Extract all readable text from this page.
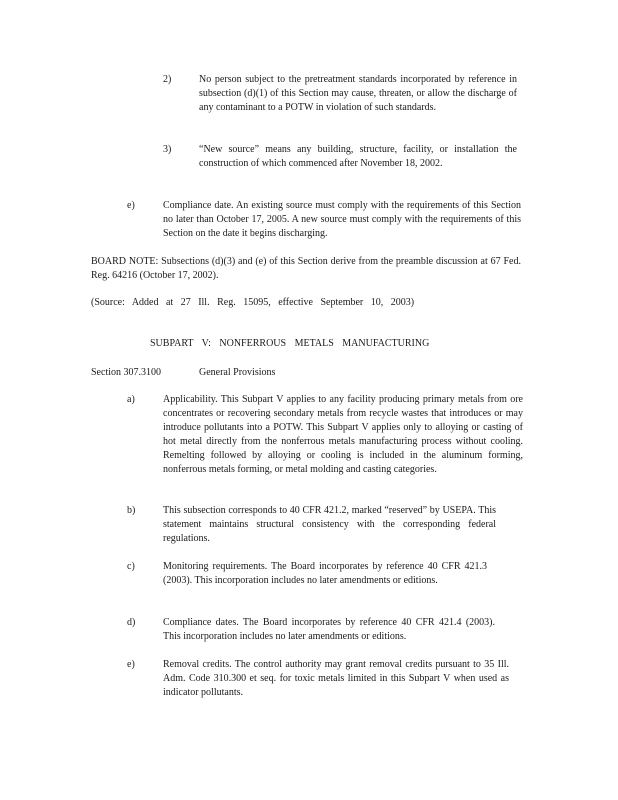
2)	No person subject to the pretreatment standards incorporated by reference in subsection (d)(1) of this Section may cause, threaten, or allow the discharge of any contaminant to a POTW in violation of such standards.
3)	“New source” means any building, structure, facility, or installation the construction of which commenced after November 18, 2002.
e)	Compliance date. An existing source must comply with the requirements of this Section no later than October 17, 2005. A new source must comply with the requirements of this Section on the date it begins discharging.
BOARD NOTE: Subsections (d)(3) and (e) of this Section derive from the preamble discussion at 67 Fed. Reg. 64216 (October 17, 2002).
(Source: Added at 27 Ill. Reg. 15095, effective September 10, 2003)
SUBPART V: NONFERROUS METALS MANUFACTURING
Section 307.3100	General Provisions
a)	Applicability. This Subpart V applies to any facility producing primary metals from ore concentrates or recovering secondary metals from recycle wastes that introduces or may introduce pollutants into a POTW. This Subpart V applies only to alloying or casting of hot metal directly from the nonferrous metals manufacturing process without cooling. Remelting followed by alloying or cooling is included in the aluminum forming, nonferrous metals forming, or metal molding and casting categories.
b)	This subsection corresponds to 40 CFR 421.2, marked “reserved” by USEPA. This statement maintains structural consistency with the corresponding federal regulations.
c)	Monitoring requirements. The Board incorporates by reference 40 CFR 421.3 (2003). This incorporation includes no later amendments or editions.
d)	Compliance dates. The Board incorporates by reference 40 CFR 421.4 (2003). This incorporation includes no later amendments or editions.
e)	Removal credits. The control authority may grant removal credits pursuant to 35 Ill. Adm. Code 310.300 et seq. for toxic metals limited in this Subpart V when used as indicator pollutants.
